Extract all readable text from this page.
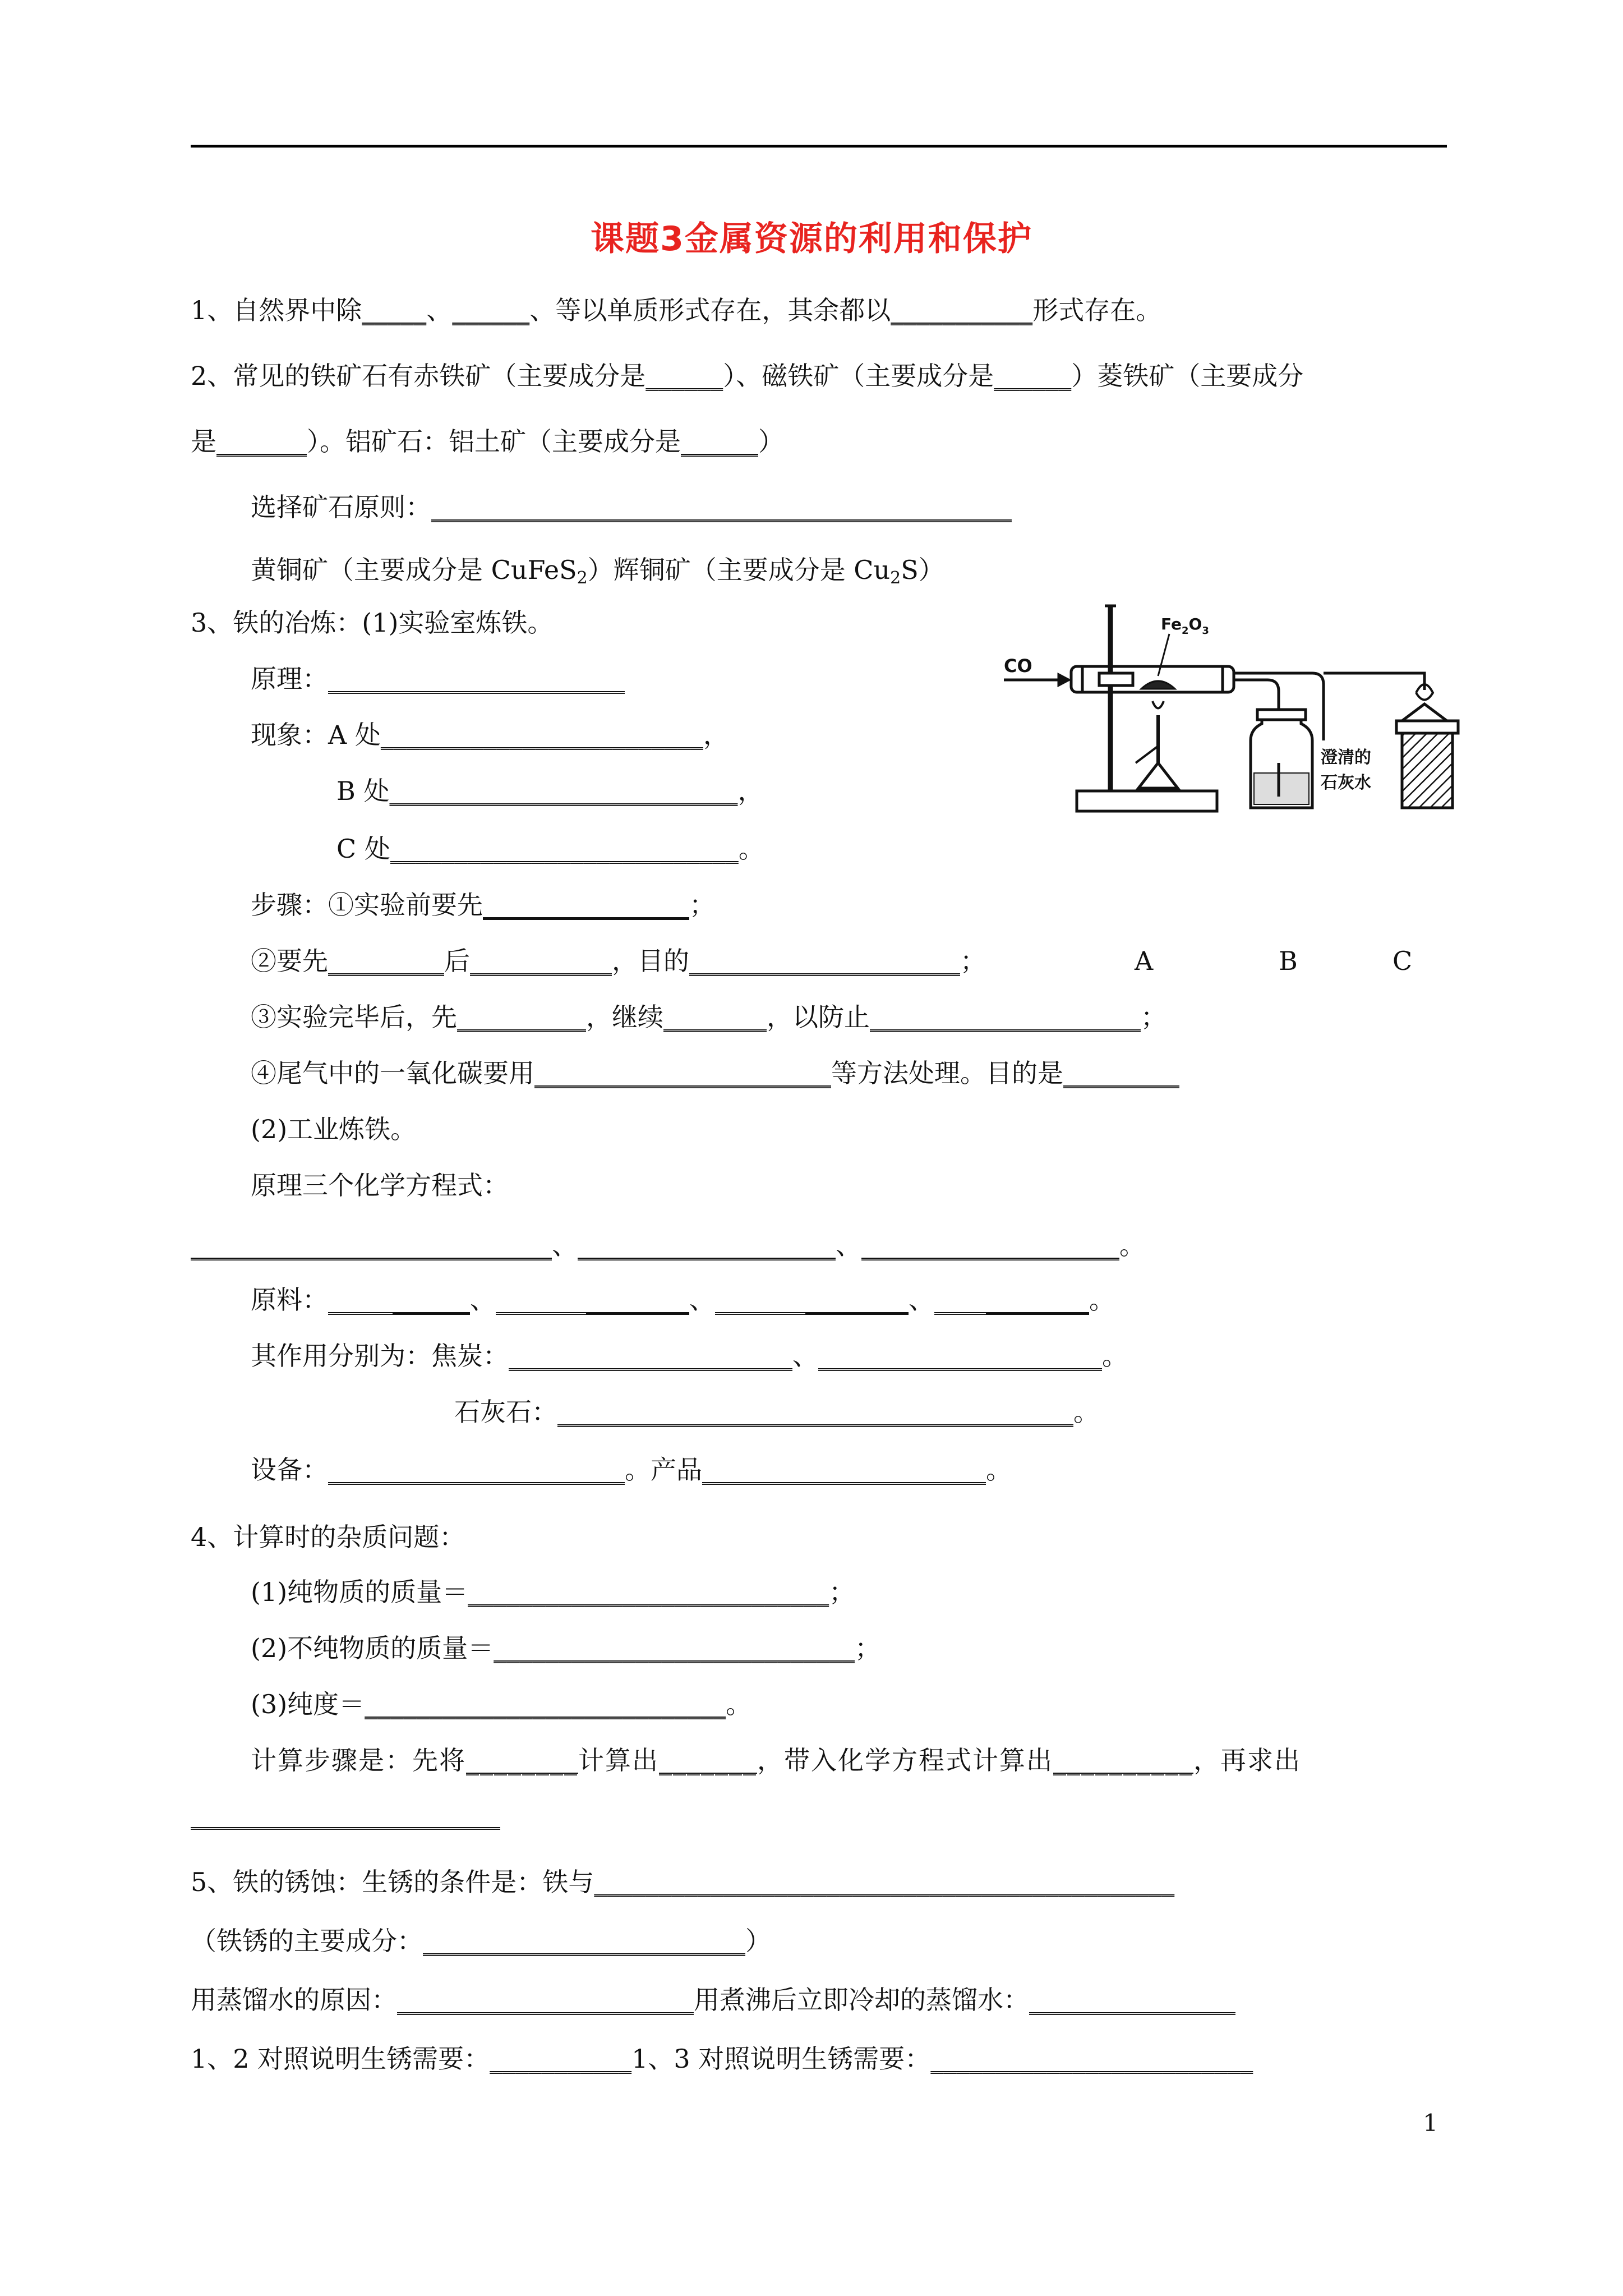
课题3金属资源的利用和保护
1、自然界中除_____、______、等以单质形式存在，其余都以___________形式存在。
2、常见的铁矿石有赤铁矿（主要成分是______）、磁铁矿（主要成分是______）菱铁矿（主要成分
是_______）。铝矿石：铝土矿（主要成分是______）
选择矿石原则：_____________________________________________
黄铜矿（主要成分是 CuFeS$_2$）辉铜矿（主要成分是 $Cu_2S$）
3、铁的冶炼：(1)实验室炼铁。
原理：_______________________
现象：A 处_________________________，
B 处___________________________，
C 处___________________________。
步骤：①实验前要先________________；
②要先_________后___________，目的_____________________；	A	B	C
③实验完毕后，先__________，继续________，以防止_____________________；
④尾气中的一氧化碳要用_______________________等方法处理。目的是_________
(2)工业炼铁。
原理三个化学方程式：
____________________________、____________________、____________________。
原料：___________、_______________、_______________、____________。
其作用分别为：焦炭：______________________、______________________。
石灰石：________________________________________。
设备：_______________________。产品______________________。
4、计算时的杂质问题：
(1)纯物质的质量＝____________________________；
(2)不纯物质的质量＝____________________________；
(3)纯度＝____________________________。
计算步骤是：先将________计算出_______，带入化学方程式计算出__________，再求出
________________________
5、铁的锈蚀：生锈的条件是：铁与_____________________________________________
（铁锈的主要成分：_________________________）
用蒸馏水的原因：_______________________用煮沸后立即冷却的蒸馏水：________________
1、2 对照说明生锈需要：___________1、3 对照说明生锈需要：_________________________
1
CO
$Fe_2O_3$
澄清的
石灰水
